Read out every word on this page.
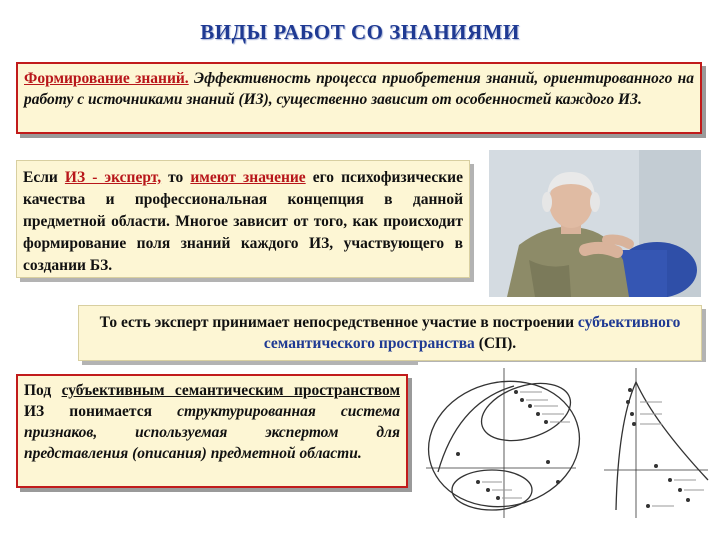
ВИДЫ РАБОТ СО ЗНАНИЯМИ

Формирование знаний. Эффективность процесса приобретения знаний, ориентированного на работу с источниками знаний (ИЗ), существенно зависит от особенностей каждого ИЗ.

Если ИЗ - эксперт, то имеют значение его психофизические качества и профессиональная концепция в данной предметной области. Многое зависит от того, как происходит формирование поля знаний каждого ИЗ, участвующего в создании БЗ.

То есть эксперт принимает непосредственное участие в построении субъективного семантического пространства (СП).

Под субъективным семантическим пространством ИЗ понимается структурированная система признаков, используемая экспертом для представления (описания) предметной области.
